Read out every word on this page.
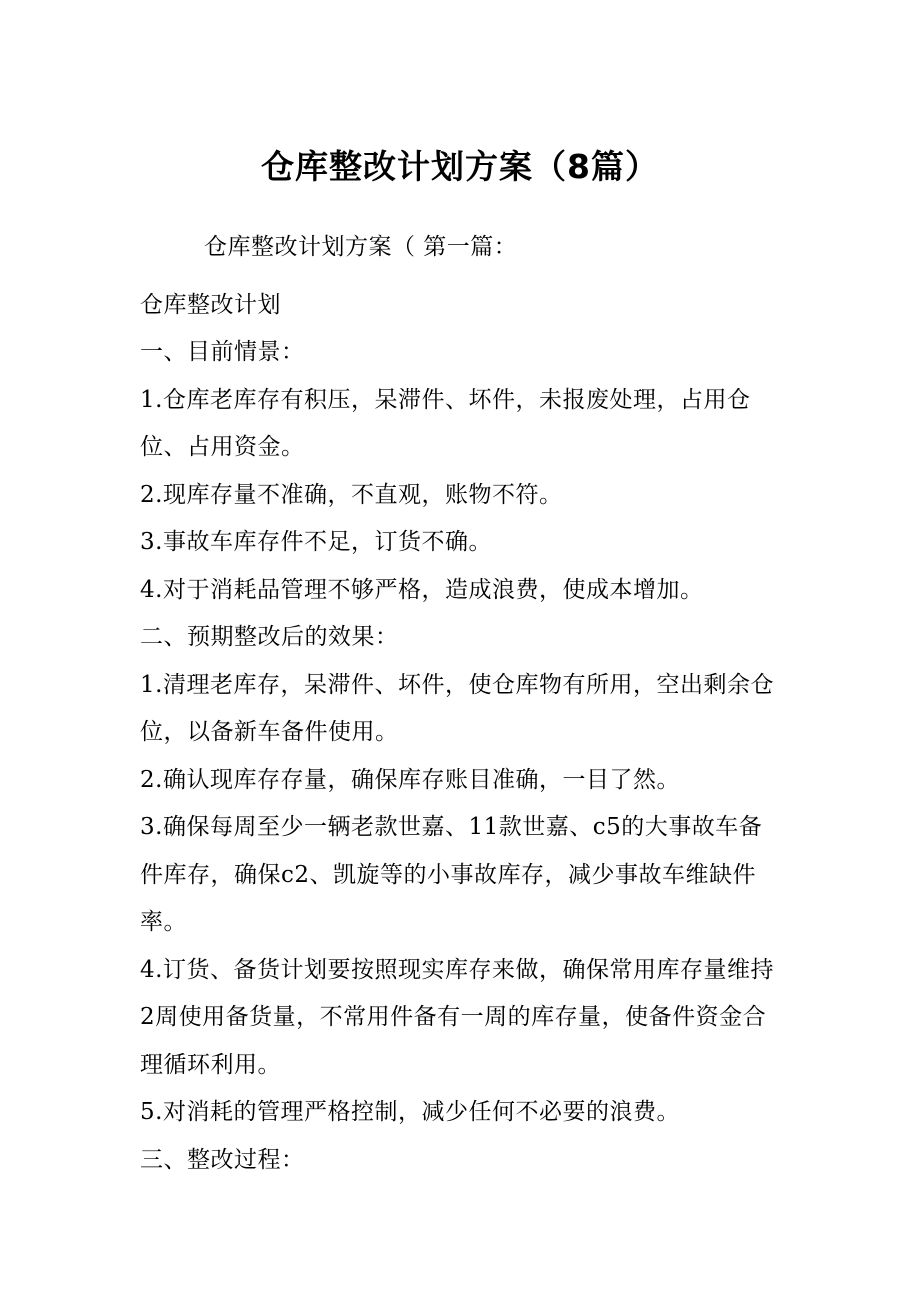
仓库整改计划方案（8篇）

仓库整改计划方案（ 第一篇：

仓库整改计划

一、目前情景：

1.仓库老库存有积压，呆滞件、坏件，未报废处理，占用仓位、占用资金。

2.现库存量不准确，不直观，账物不符。

3.事故车库存件不足，订货不确。

4.对于消耗品管理不够严格，造成浪费，使成本增加。

二、预期整改后的效果：

1.清理老库存，呆滞件、坏件，使仓库物有所用，空出剩余仓位，以备新车备件使用。

2.确认现库存存量，确保库存账目准确，一目了然。

3.确保每周至少一辆老款世嘉、11款世嘉、c5的大事故车备件库存，确保c2、凯旋等的小事故库存，减少事故车维缺件率。

4.订货、备货计划要按照现实库存来做，确保常用库存量维持2周使用备货量，不常用件备有一周的库存量，使备件资金合理循环利用。

5.对消耗的管理严格控制，减少任何不必要的浪费。

三、整改过程：
